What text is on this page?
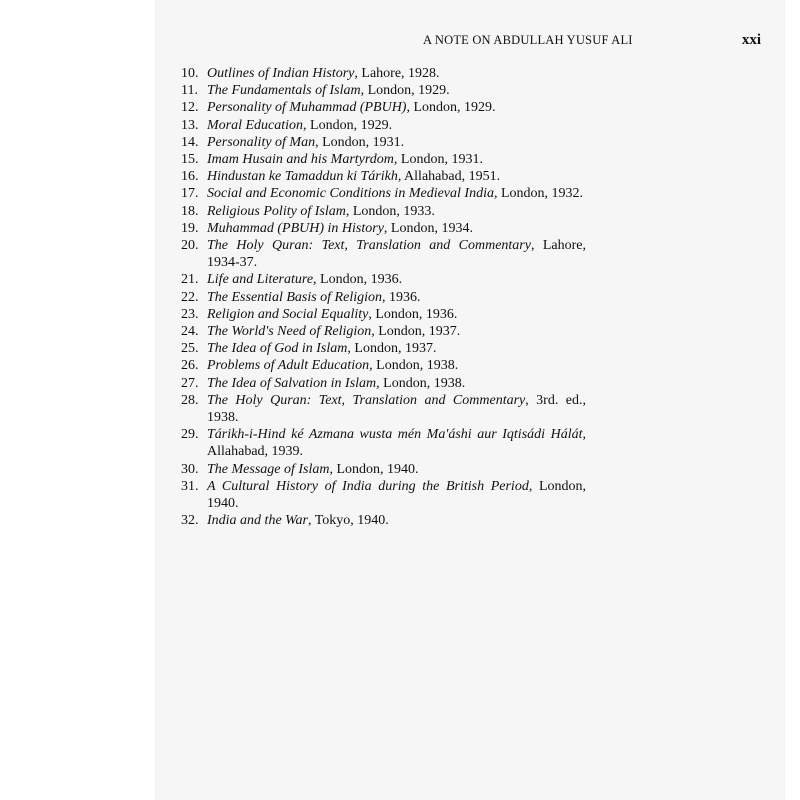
A NOTE ON ABDULLAH YUSUF ALI	xxi
10. Outlines of Indian History, Lahore, 1928.
11. The Fundamentals of Islam, London, 1929.
12. Personality of Muhammad (PBUH), London, 1929.
13. Moral Education, London, 1929.
14. Personality of Man, London, 1931.
15. Imam Husain and his Martyrdom, London, 1931.
16. Hindustan ke Tamaddun ki Tárikh, Allahabad, 1951.
17. Social and Economic Conditions in Medieval India, London, 1932.
18. Religious Polity of Islam, London, 1933.
19. Muhammad (PBUH) in History, London, 1934.
20. The Holy Quran: Text, Translation and Commentary, Lahore, 1934-37.
21. Life and Literature, London, 1936.
22. The Essential Basis of Religion, 1936.
23. Religion and Social Equality, London, 1936.
24. The World's Need of Religion, London, 1937.
25. The Idea of God in Islam, London, 1937.
26. Problems of Adult Education, London, 1938.
27. The Idea of Salvation in Islam, London, 1938.
28. The Holy Quran: Text, Translation and Commentary, 3rd. ed., 1938.
29. Tárikh-i-Hind ké Azmana wusta mén Ma'áshi aur Iqtisádi Hálát, Allahabad, 1939.
30. The Message of Islam, London, 1940.
31. A Cultural History of India during the British Period, London, 1940.
32. India and the War, Tokyo, 1940.
